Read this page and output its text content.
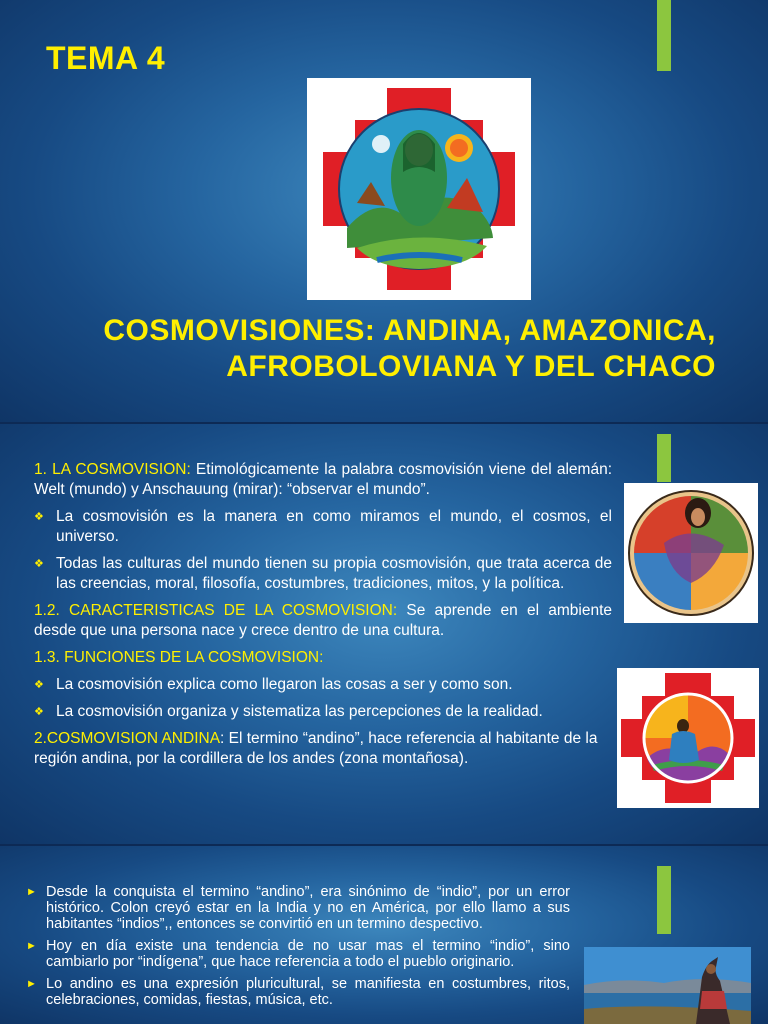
TEMA 4
COSMOVISIONES: ANDINA, AMAZONICA,
AFROBOLOVIANA Y DEL CHACO

1. LA COSMOVISION: Etimológicamente la palabra cosmovisión viene del alemán: Welt (mundo) y Anschauung (mirar): “observar el mundo”.

❖ La cosmovisión es la manera en como miramos el mundo, el cosmos, el universo.
❖ Todas las culturas del mundo tienen su propia cosmovisión, que trata acerca de las creencias, moral, filosofía, costumbres, tradiciones, mitos, y la política.

1.2. CARACTERISTICAS DE LA COSMOVISION: Se aprende en el ambiente desde que una persona nace y crece dentro de una cultura.

1.3. FUNCIONES DE LA COSMOVISION:

❖ La cosmovisión explica como llegaron las cosas a ser y como son.
❖ La cosmovisión organiza y sistematiza las percepciones de la realidad.

2.COSMOVISION ANDINA: El termino “andino”, hace referencia al habitante de la región andina, por la cordillera de los andes (zona montañosa).

► Desde la conquista el termino “andino”, era sinónimo de “indio”, por un error histórico. Colon creyó estar en la India y no en América, por ello llamo a sus habitantes “indios”,, entonces se convirtió en un termino despectivo.
► Hoy en día existe una tendencia de no usar mas el termino “indio”, sino cambiarlo por “indígena”, que hace referencia a todo el pueblo originario.
► Lo andino es una expresión pluricultural, se manifiesta en costumbres, ritos, celebraciones, comidas, fiestas, música, etc.
